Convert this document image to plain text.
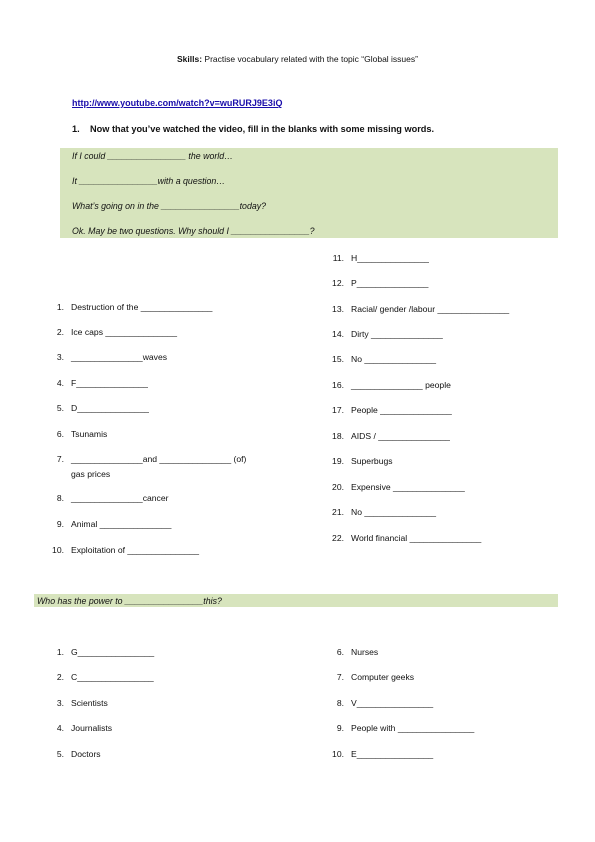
Skills: Practise vocabulary related with the topic “Global issues”
http://www.youtube.com/watch?v=wuRURJ9E3iQ
1. Now that you’ve watched the video, fill in the blanks with some missing words.
If I could ________________ the world…
It ________________with a question…
What’s going on in the ________________today?
Ok. May be two questions. Why should I ________________?
1. Destruction of the _______________
2. Ice caps _______________
3. _______________waves
4. F_______________
5. D_______________
6. Tsunamis
7. _______________and _______________ (of)
gas prices
8. _______________cancer
9. Animal _______________
10. Exploitation of _______________
11. H_______________
12. P_______________
13. Racial/ gender /labour _______________
14. Dirty _______________
15. No _______________
16. _______________ people
17. People _______________
18. AIDS / _______________
19. Superbugs
20. Expensive _______________
21. No _______________
22. World financial _______________
Who has the power to ________________this?
1. G________________
2. C________________
3. Scientists
4. Journalists
5. Doctors
6. Nurses
7. Computer geeks
8. V________________
9. People with ________________
10. E________________
